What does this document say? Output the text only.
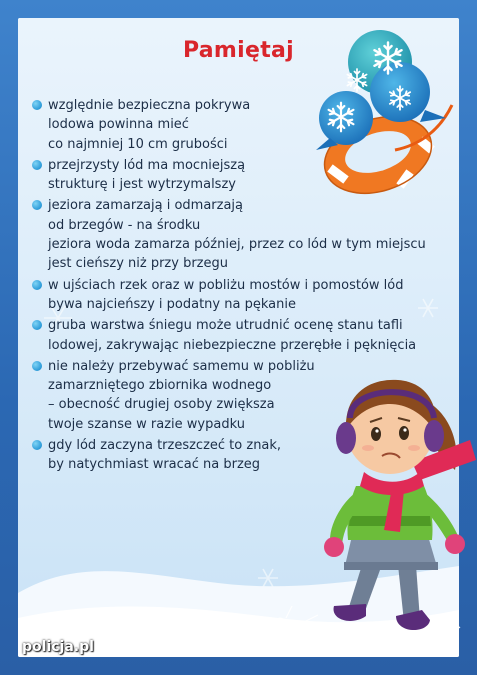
Pamiętaj
względnie bezpieczna pokrywa
lodowa powinna mieć
co najmniej 10 cm grubości
przejrzysty lód ma mocniejszą
strukturę i jest wytrzymalszy
jeziora zamarzają i odmarzają
od brzegów - na środku
jeziora woda zamarza później, przez co lód w tym miejscu
jest cieńszy niż przy brzegu
w ujściach rzek oraz w pobliżu mostów i pomostów lód
bywa najcieńszy i podatny na pękanie
gruba warstwa śniegu może utrudnić ocenę stanu tafli
lodowej, zakrywając niebezpieczne przerębłe i pęknięcia
nie należy przebywać samemu w pobliżu
zamarzniętego zbiornika wodnego
– obecność drugiej osoby zwiększa
twoje szanse w razie wypadku
gdy lód zaczyna trzeszczeć to znak,
by natychmiast wracać na brzeg
policja.pl
